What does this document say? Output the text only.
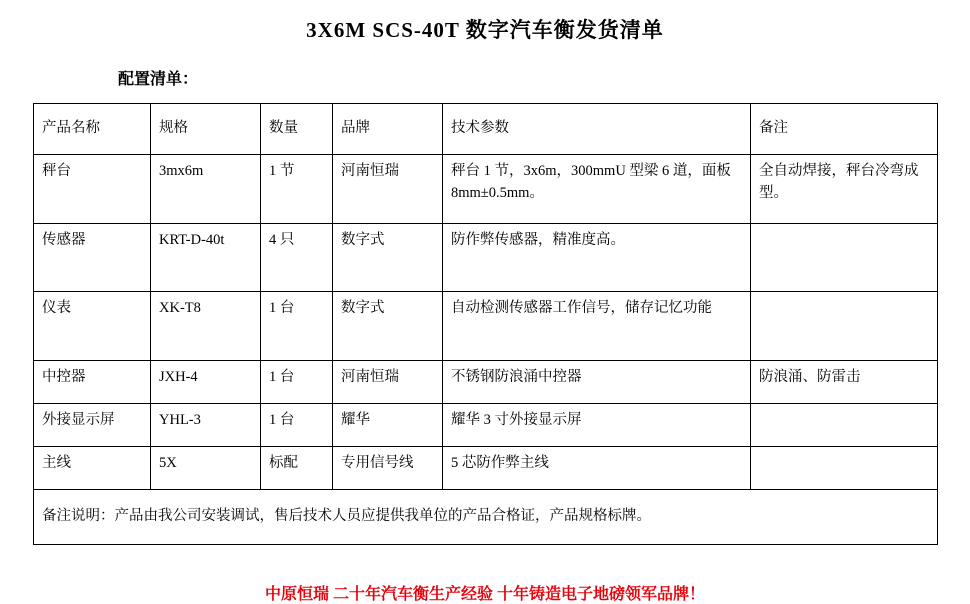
3X6M SCS-40T 数字汽车衡发货清单
配置清单：
产品名称	规格	数量	品牌	技术参数	备注
秤台	3mx6m	1 节	河南恒瑞	秤台 1 节，3x6m，300mmU 型梁 6 道，面板 8mm±0.5mm。	全自动焊接，秤台冷弯成型。
传感器	KRT-D-40t	4 只	数字式	防作弊传感器，精准度高。	
仪表	XK-T8	1 台	数字式	自动检测传感器工作信号，储存记忆功能	
中控器	JXH-4	1 台	河南恒瑞	不锈钢防浪涌中控器	防浪涌、防雷击
外接显示屏	YHL-3	1 台	耀华	耀华 3 寸外接显示屏	
主线	5X	标配	专用信号线	5 芯防作弊主线	
备注说明：产品由我公司安装调试，售后技术人员应提供我单位的产品合格证，产品规格标牌。					
中原恒瑞 二十年汽车衡生产经验 十年铸造电子地磅领军品牌！
